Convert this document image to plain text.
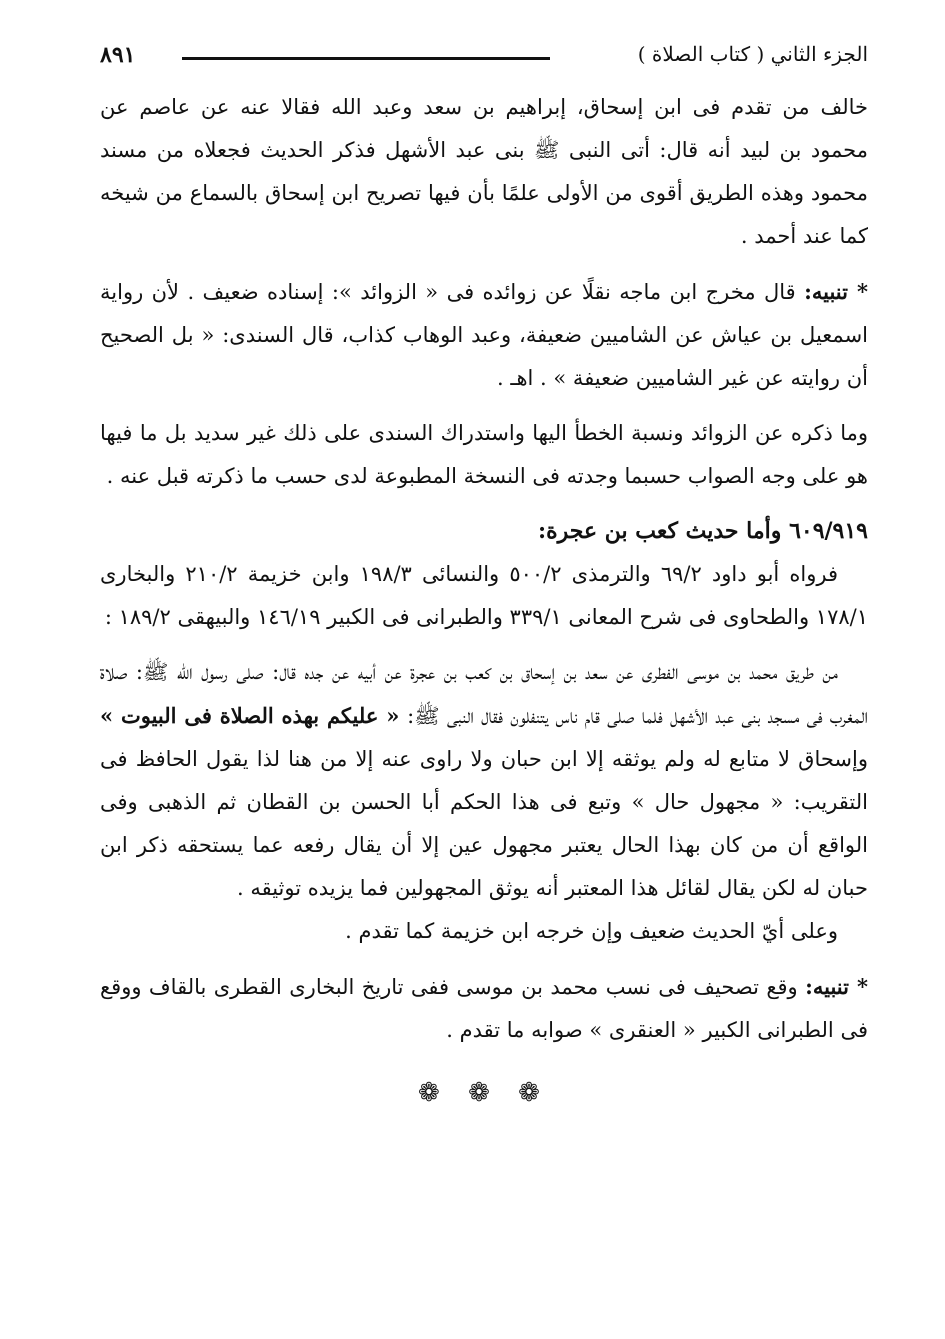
٨٩١	الجزء الثاني ( كتاب الصلاة )

خالف من تقدم فى ابن إسحاق، إبراهيم بن سعد وعبد الله فقالا عنه عن عاصم عن محمود بن لبيد أنه قال: أتى النبى ﷺ بنى عبد الأشهل فذكر الحديث فجعلاه من مسند محمود وهذه الطريق أقوى من الأولى علمًا بأن فيها تصريح ابن إسحاق بالسماع من شيخه كما عند أحمد .

* تنبيه: قال مخرج ابن ماجه نقلًا عن زوائده فى « الزوائد »: إسناده ضعيف . لأن رواية اسمعيل بن عياش عن الشاميين ضعيفة، وعبد الوهاب كذاب، قال السندى: « بل الصحيح أن روايته عن غير الشاميين ضعيفة » . اهـ .

وما ذكره عن الزوائد ونسبة الخطأ اليها واستدراك السندى على ذلك غير سديد بل ما فيها هو على وجه الصواب حسبما وجدته فى النسخة المطبوعة لدى حسب ما ذكرته قبل عنه .

٦٠٩/٩١٩ وأما حديث كعب بن عجرة:

فرواه أبو داود ٦٩/٢ والترمذى ٥٠٠/٢ والنسائى ١٩٨/٣ وابن خزيمة ٢١٠/٢ والبخارى ١٧٨/١ والطحاوى فى شرح المعانى ٣٣٩/١ والطبرانى فى الكبير ١٤٦/١٩ والبيهقى ١٨٩/٢ :

من طريق محمد بن موسى الفطرى عن سعد بن إسحاق بن كعب بن عجرة عن أبيه عن جده قال: صلى رسول الله ﷺ: صلاة المغرب فى مسجد بنى عبد الأشهل فلما صلى قام ناس يتنفلون فقال النبى ﷺ: « عليكم بهذه الصلاة فى البيوت » وإسحاق لا متابع له ولم يوثقه إلا ابن حبان ولا راوى عنه إلا من هنا لذا يقول الحافظ فى التقريب: « مجهول حال » وتبع فى هذا الحكم أبا الحسن بن القطان ثم الذهبى وفى الواقع أن من كان بهذا الحال يعتبر مجهول عين إلا أن يقال رفعه عما يستحقه ذكر ابن حبان له لكن يقال لقائل هذا المعتبر أنه يوثق المجهولين فما يزيده توثيقه .

وعلى أيّ الحديث ضعيف وإن خرجه ابن خزيمة كما تقدم .

* تنبيه: وقع تصحيف فى نسب محمد بن موسى ففى تاريخ البخارى القطرى بالقاف ووقع فى الطبرانى الكبير « العنقرى » صوابه ما تقدم .

❁ ❁ ❁
